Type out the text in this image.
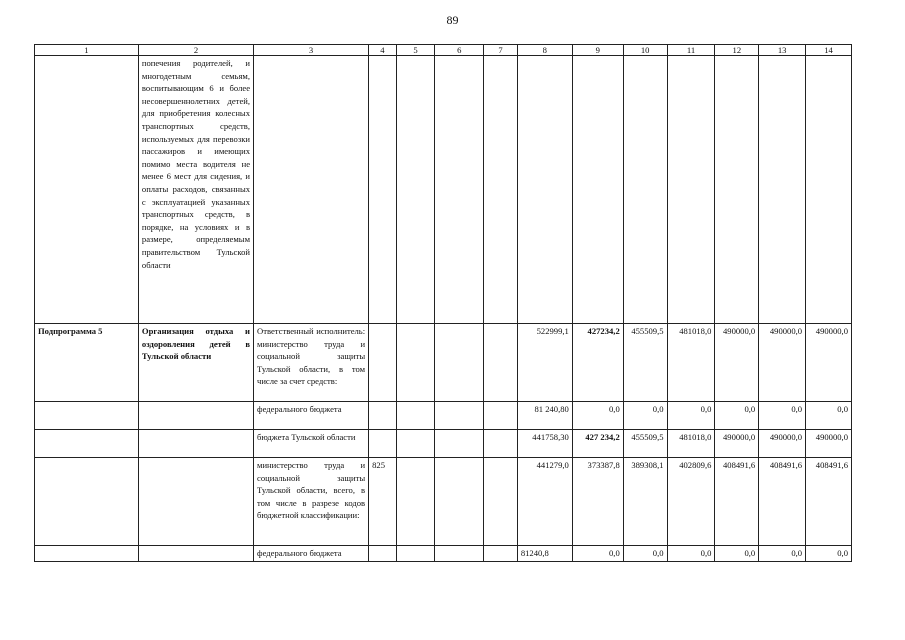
89
1	2	3	4	5	6	7	8	9	10	11	12	13	14
	попечения родителей, и многодетным семьям, воспитывающим 6 и более несовершеннолетних детей, для приобретения колесных транспортных средств, используемых для перевозки пассажиров и имеющих помимо места водителя не менее 6 мест для сидения, и оплаты расходов, связанных с эксплуатацией указанных транспортных средств, в порядке, на условиях и в размере, определяемым правительством Тульской области												
Подпрограмма 5	Организация отдыха и оздоровления детей в Тульской области	Ответственный исполнитель: министерство труда и социальной защиты Тульской области, в том числе за счет средств:					522999,1	427234,2	455509,5	481018,0	490000,0	490000,0	490000,0
		федерального бюджета					81 240,80	0,0	0,0	0,0	0,0	0,0	0,0
		бюджета Тульской области					441758,30	427 234,2	455509,5	481018,0	490000,0	490000,0	490000,0
		министерство труда и социальной защиты Тульской области, всего, в том числе в разрезе кодов бюджетной классификации:	825				441279,0	373387,8	389308,1	402809,6	408491,6	408491,6	408491,6
		федерального бюджета					81240,8	0,0	0,0	0,0	0,0	0,0	0,0
